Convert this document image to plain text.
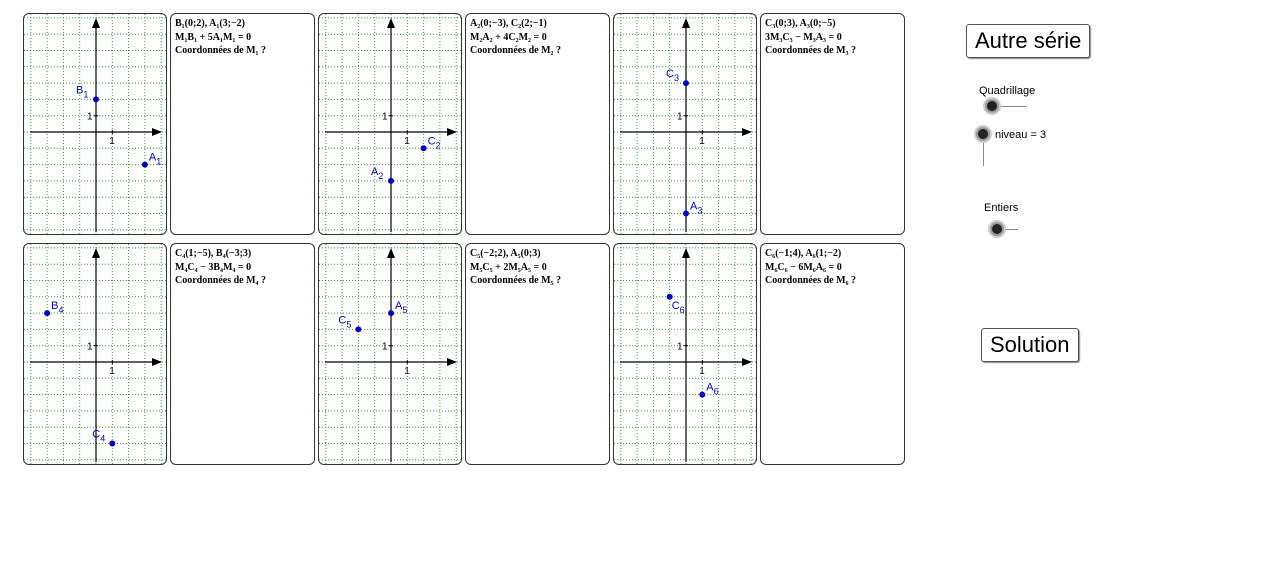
1
1
$B_1$
$A_1$
B₁(0;2), A₁(3;−2)
M₁B₁ + 5A₁M₁ = 0
Coordonnées de M₁ ?
1
1
$A_2$
$C_2$
A₂(0;−3), C₂(2;−1)
M₂A₂ + 4C₂M₂ = 0
Coordonnées de M₂ ?
1
1
$C_3$
$A_3$
C₃(0;3), A₃(0;−5)
3M₃C₃ − M₃A₃ = 0
Coordonnées de M₃ ?
1
1
$B_4$
$C_4$
C₄(1;−5), B₄(−3;3)
M₄C₄ − 3B₄M₄ = 0
Coordonnées de M₄ ?
1
1
$A_5$
$C_5$
C₅(−2;2), A₅(0;3)
M₅C₅ + 2M₅A₅ = 0
Coordonnées de M₅ ?
1
1
$C_6$
$A_6$
C₆(−1;4), A₆(1;−2)
M₆C₆ − 6M₆A₆ = 0
Coordonnées de M₆ ?
Autre série
Quadrillage
niveau = 3
Entiers
Solution
